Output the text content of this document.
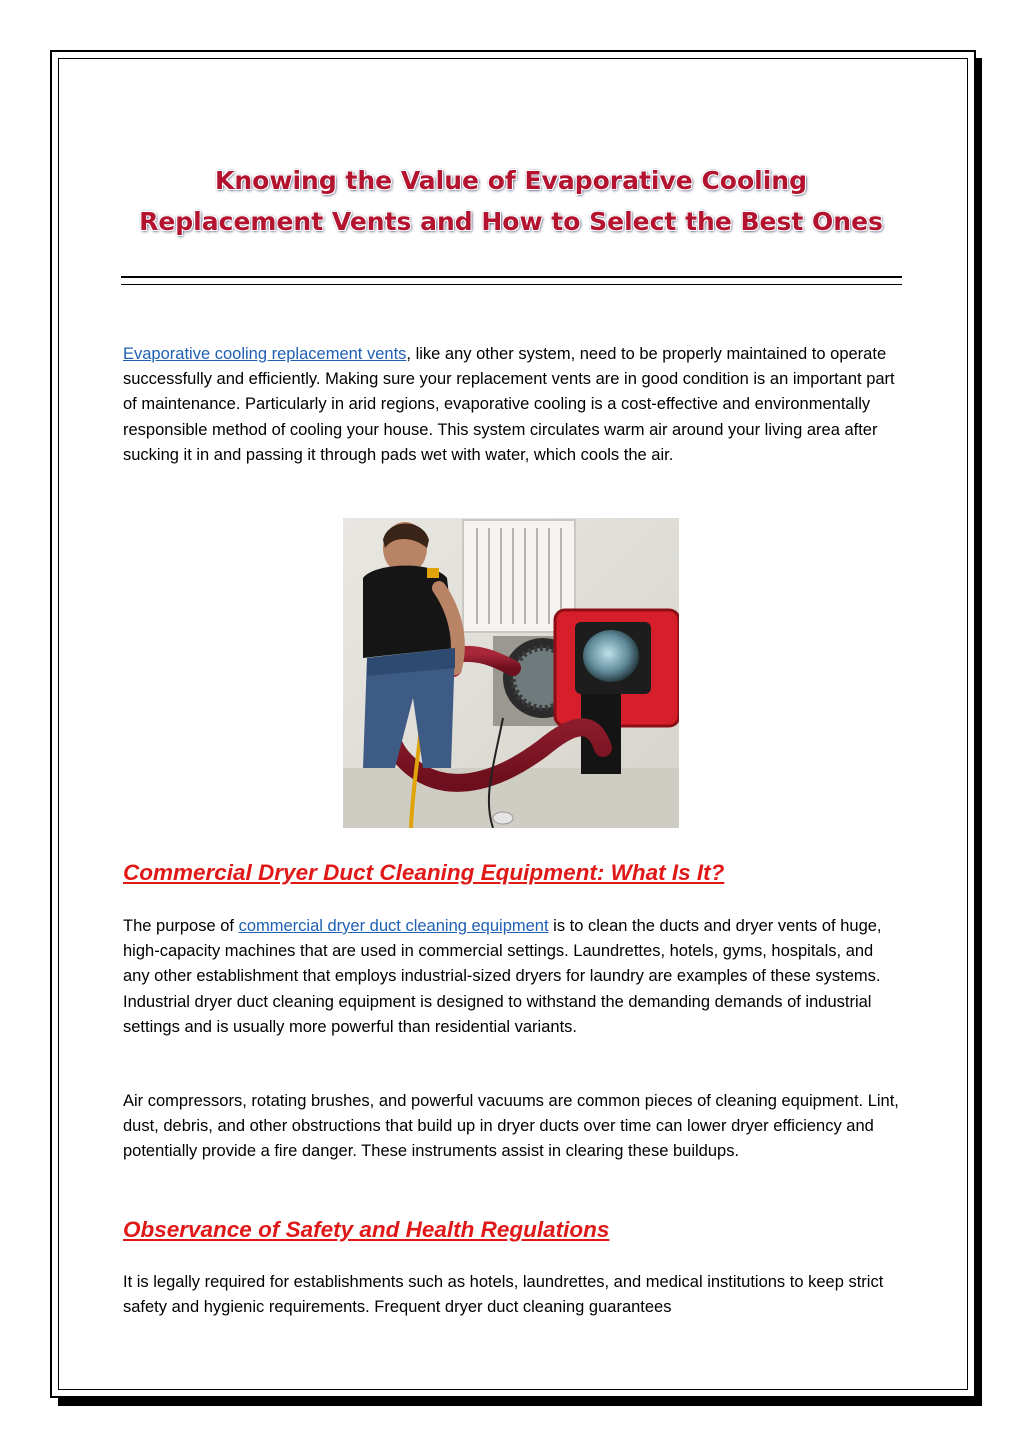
Knowing the Value of Evaporative Cooling Replacement Vents and How to Select the Best Ones

Evaporative cooling replacement vents, like any other system, need to be properly maintained to operate successfully and efficiently. Making sure your replacement vents are in good condition is an important part of maintenance. Particularly in arid regions, evaporative cooling is a cost-effective and environmentally responsible method of cooling your house. This system circulates warm air around your living area after sucking it in and passing it through pads wet with water, which cools the air.

Commercial Dryer Duct Cleaning Equipment: What Is It?

The purpose of commercial dryer duct cleaning equipment is to clean the ducts and dryer vents of huge, high-capacity machines that are used in commercial settings. Laundrettes, hotels, gyms, hospitals, and any other establishment that employs industrial-sized dryers for laundry are examples of these systems. Industrial dryer duct cleaning equipment is designed to withstand the demanding demands of industrial settings and is usually more powerful than residential variants.

Air compressors, rotating brushes, and powerful vacuums are common pieces of cleaning equipment. Lint, dust, debris, and other obstructions that build up in dryer ducts over time can lower dryer efficiency and potentially provide a fire danger. These instruments assist in clearing these buildups.

Observance of Safety and Health Regulations

It is legally required for establishments such as hotels, laundrettes, and medical institutions to keep strict safety and hygienic requirements. Frequent dryer duct cleaning guarantees
